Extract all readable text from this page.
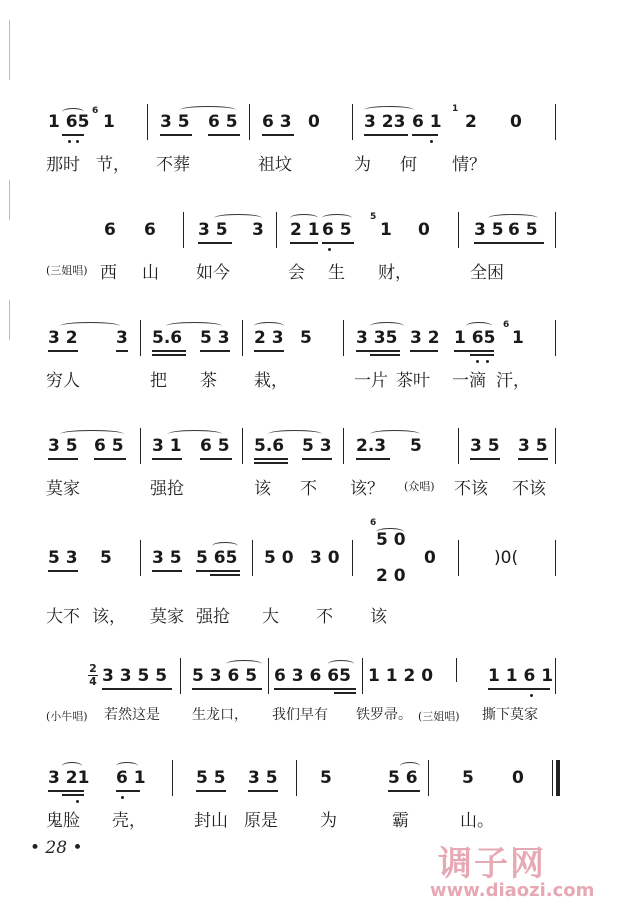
1 65
6
1	3 5 6 5 6 3 0	3 23 6 1
1
2 0
那时 节， 不葬	祖坟	为 何 情？
6 6 3 5 3 2 1 6 5
5
1 0	3 5 6 5
(三姐唱) 西 山 如今	会 生 财，	全困
3 2 3 5.6 5 3 2 3 5	3 35 3 2 1 65
6
1
穷人	把 茶 栽，	一片 茶叶 一滴 汗，
3 5 6 5 3 1 6 5 5.6 5 3 2.3 5	3 5 3 5
莫家	强抢	该 不 该？ (众唱) 不该 不该
5 3 5 3 5 5 65 5 0 3 0
6
5 0
2 0
0	)0(
大不 该， 莫家 强抢 大 不 该
2
4 3 3 5 5 5 3 6 5 6 3 6 65 1 1 2 0	1 1 6 1
(小牛唱) 若然这是 生龙口， 我们早有 铁罗帚。 (三姐唱) 撕下莫家
3 21 6 1	5 5 3 5 5	5 6	5 0
鬼脸 壳，	封山 原是 为	霸	山。
• 28 •	调子网
www.diaozi.com
